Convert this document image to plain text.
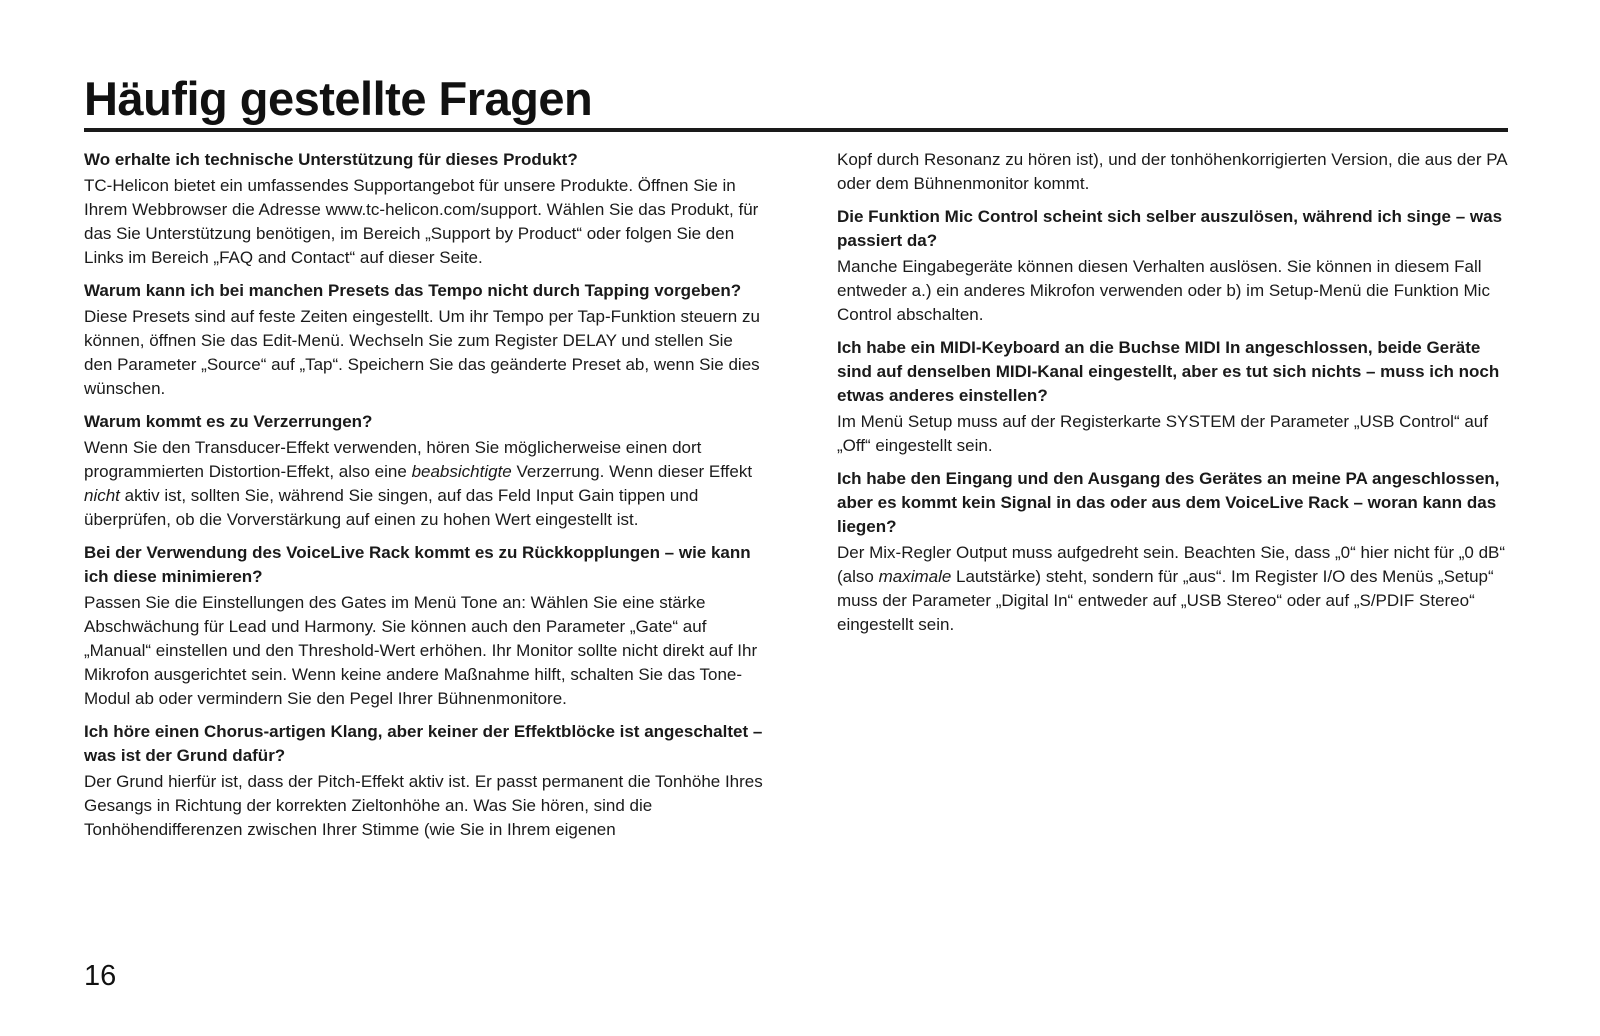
Häufig gestellte Fragen

Wo erhalte ich technische Unterstützung für dieses Produkt?

TC-Helicon bietet ein umfassendes Supportangebot für unsere Produkte. Öffnen Sie in Ihrem Webbrowser die Adresse www.tc-helicon.com/support. Wählen Sie das Produkt, für das Sie Unterstützung benötigen, im Bereich „Support by Product“ oder folgen Sie den Links im Bereich „FAQ and Contact“ auf dieser Seite.

Warum kann ich bei manchen Presets das Tempo nicht durch Tapping vorgeben?

Diese Presets sind auf feste Zeiten eingestellt. Um ihr Tempo per Tap-Funktion steuern zu können, öffnen Sie das Edit-Menü. Wechseln Sie zum Register DELAY und stellen Sie den Parameter „Source“ auf „Tap“. Speichern Sie das geänderte Preset ab, wenn Sie dies wünschen.

Warum kommt es zu Verzerrungen?

Wenn Sie den Transducer-Effekt verwenden, hören Sie möglicherweise einen dort programmierten Distortion-Effekt, also eine beabsichtigte Verzerrung. Wenn dieser Effekt nicht aktiv ist, sollten Sie, während Sie singen, auf das Feld Input Gain tippen und überprüfen, ob die Vorverstärkung auf einen zu hohen Wert eingestellt ist.

Bei der Verwendung des VoiceLive Rack kommt es zu Rückkopplungen – wie kann ich diese minimieren?

Passen Sie die Einstellungen des Gates im Menü Tone an: Wählen Sie eine stärke Abschwächung für Lead und Harmony. Sie können auch den Parameter „Gate“ auf „Manual“ einstellen und den Threshold-Wert erhöhen. Ihr Monitor sollte nicht direkt auf Ihr Mikrofon ausgerichtet sein. Wenn keine andere Maßnahme hilft, schalten Sie das Tone-Modul ab oder vermindern Sie den Pegel Ihrer Bühnenmonitore.

Ich höre einen Chorus-artigen Klang, aber keiner der Effektblöcke ist angeschaltet – was ist der Grund dafür?

Der Grund hierfür ist, dass der Pitch-Effekt aktiv ist. Er passt permanent die Tonhöhe Ihres Gesangs in Richtung der korrekten Zieltonhöhe an. Was Sie hören, sind die Tonhöhendifferenzen zwischen Ihrer Stimme (wie Sie in Ihrem eigenen

Kopf durch Resonanz zu hören ist), und der tonhöhenkorrigierten Version, die aus der PA oder dem Bühnenmonitor kommt.

Die Funktion Mic Control scheint sich selber auszulösen, während ich singe – was passiert da?

Manche Eingabegeräte können diesen Verhalten auslösen. Sie können in diesem Fall entweder a.) ein anderes Mikrofon verwenden oder b) im Setup-Menü die Funktion Mic Control abschalten.

Ich habe ein MIDI-Keyboard an die Buchse MIDI In angeschlossen, beide Geräte sind auf denselben MIDI-Kanal eingestellt, aber es tut sich nichts – muss ich noch etwas anderes einstellen?

Im Menü Setup muss auf der Registerkarte SYSTEM der Parameter „USB Control“ auf „Off“ eingestellt sein.

Ich habe den Eingang und den Ausgang des Gerätes an meine PA angeschlossen, aber es kommt kein Signal in das oder aus dem VoiceLive Rack – woran kann das liegen?

Der Mix-Regler Output muss aufgedreht sein. Beachten Sie, dass „0“ hier nicht für „0 dB“ (also maximale Lautstärke) steht, sondern für „aus“. Im Register I/O des Menüs „Setup“ muss der Parameter „Digital In“ entweder auf „USB Stereo“ oder auf „S/PDIF Stereo“ eingestellt sein.

16
